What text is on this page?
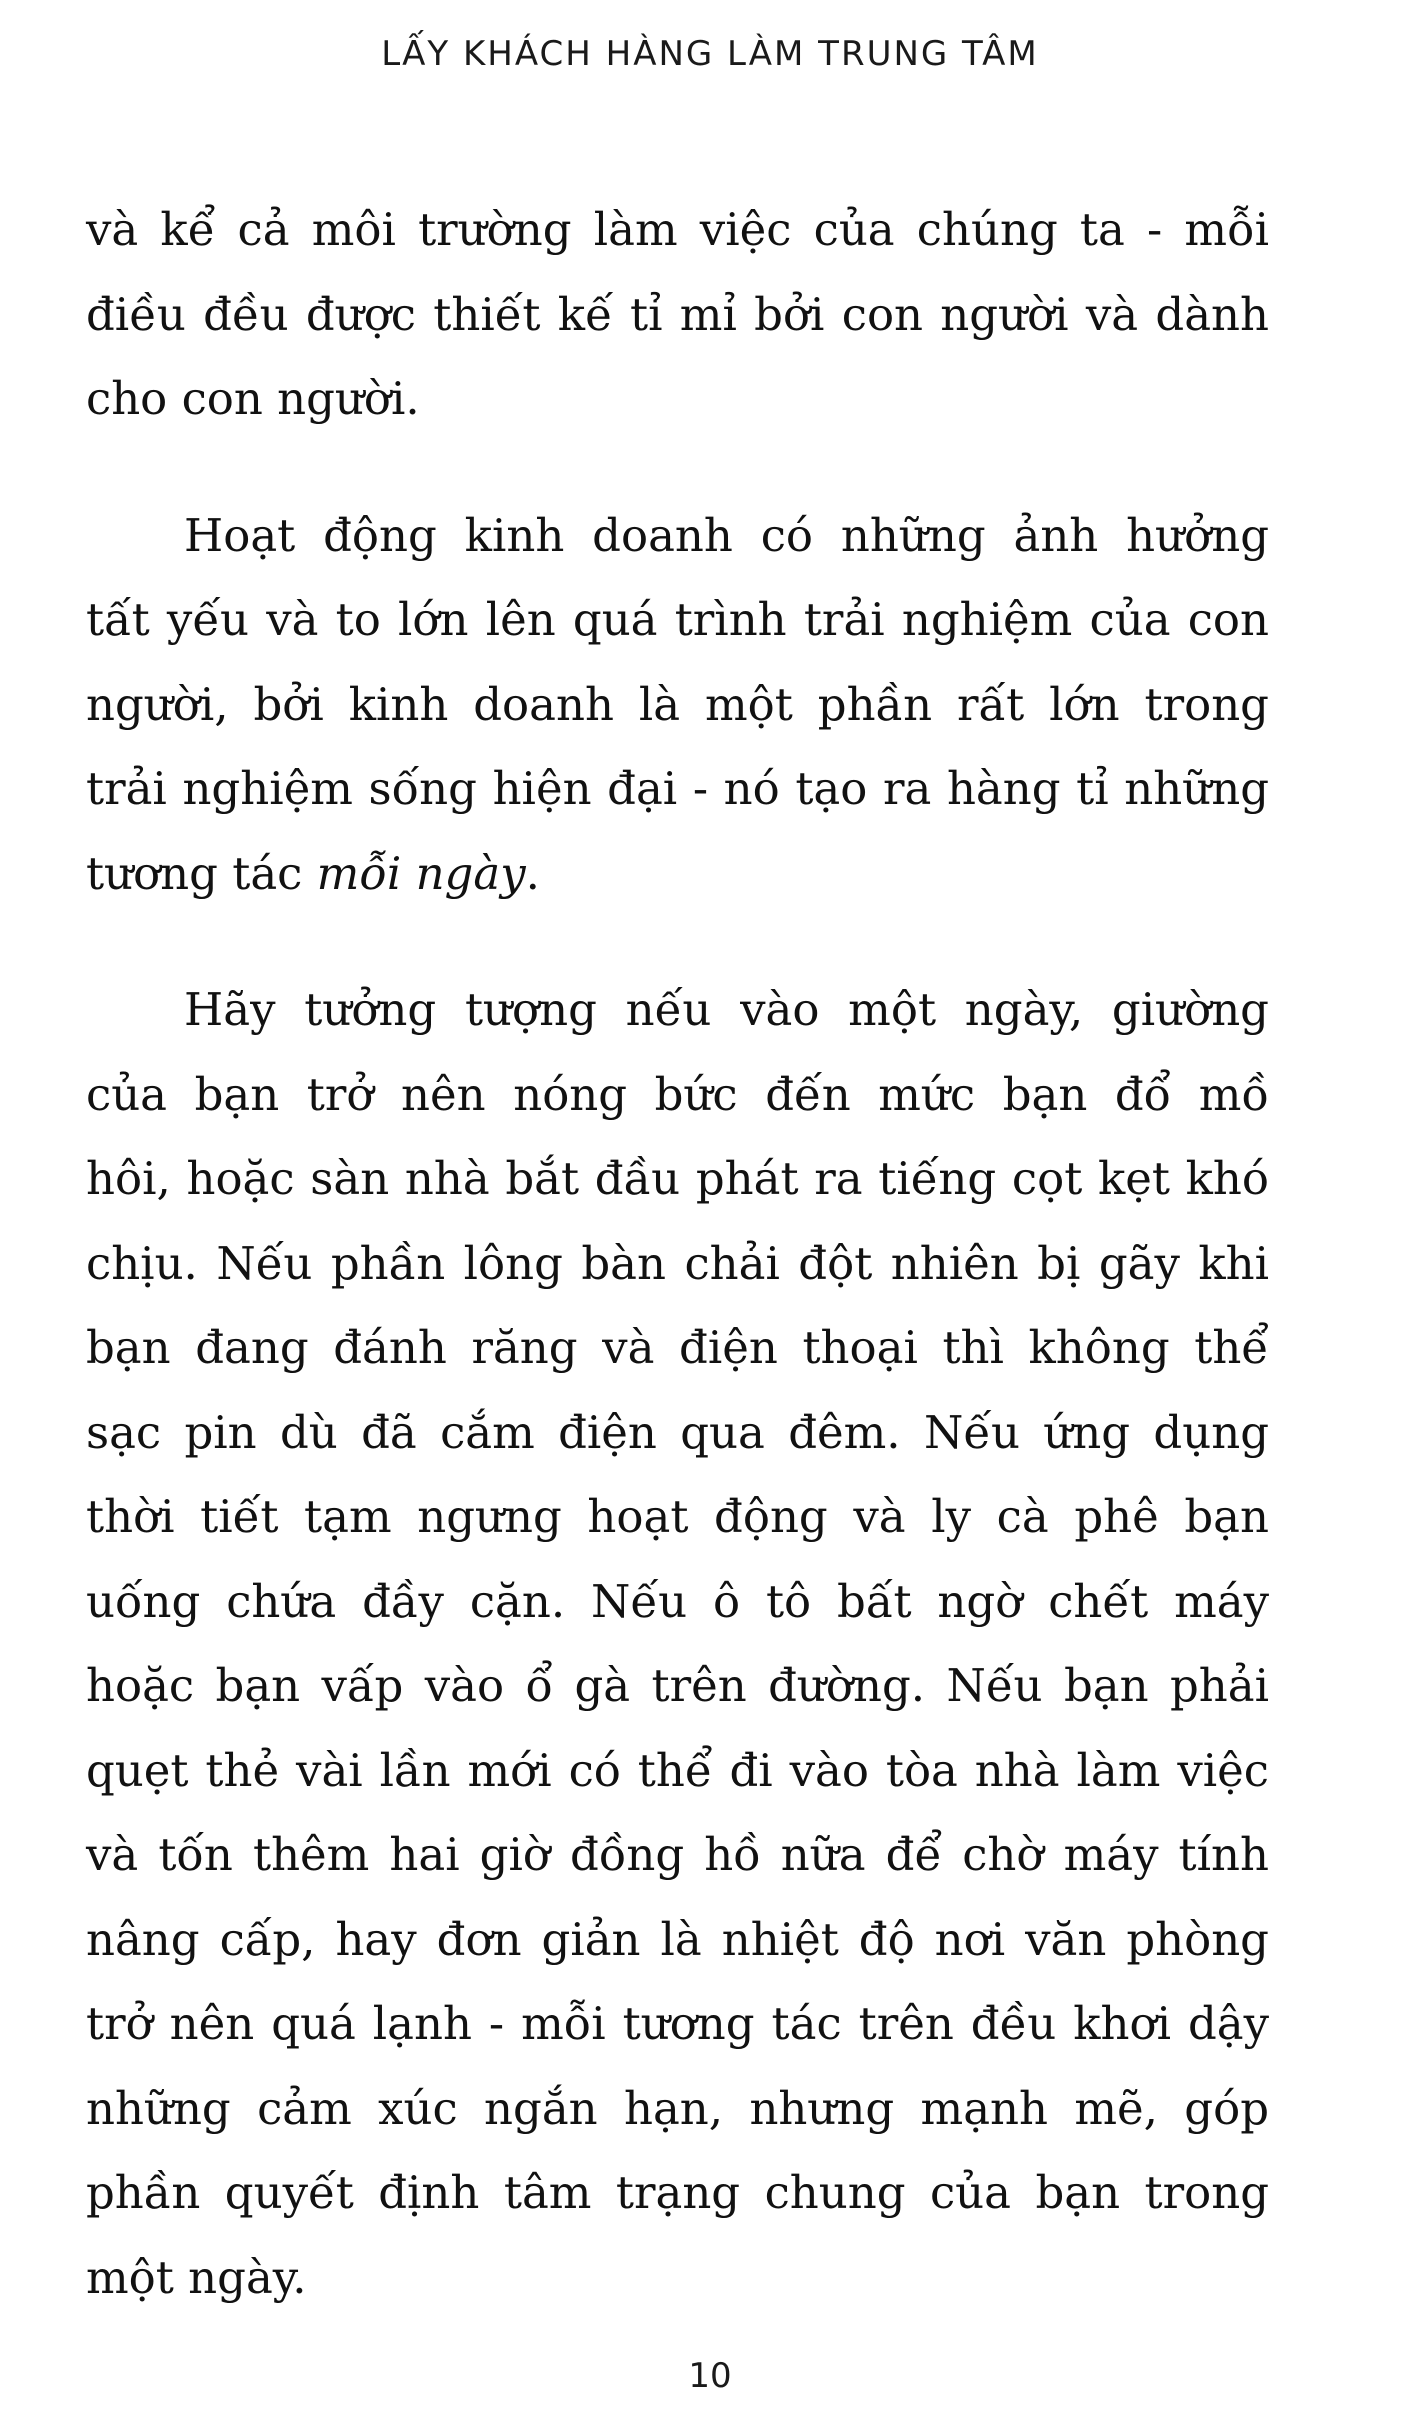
LẤY KHÁCH HÀNG LÀM TRUNG TÂM

và kể cả môi trường làm việc của chúng ta - mỗi
điều đều được thiết kế tỉ mỉ bởi con người và dành
cho con người.

Hoạt động kinh doanh có những ảnh hưởng
tất yếu và to lớn lên quá trình trải nghiệm của con
người, bởi kinh doanh là một phần rất lớn trong
trải nghiệm sống hiện đại - nó tạo ra hàng tỉ những
tương tác mỗi ngày.

Hãy tưởng tượng nếu vào một ngày, giường
của bạn trở nên nóng bức đến mức bạn đổ mồ
hôi, hoặc sàn nhà bắt đầu phát ra tiếng cọt kẹt khó
chịu. Nếu phần lông bàn chải đột nhiên bị gãy khi
bạn đang đánh răng và điện thoại thì không thể
sạc pin dù đã cắm điện qua đêm. Nếu ứng dụng
thời tiết tạm ngưng hoạt động và ly cà phê bạn
uống chứa đầy cặn. Nếu ô tô bất ngờ chết máy
hoặc bạn vấp vào ổ gà trên đường. Nếu bạn phải
quẹt thẻ vài lần mới có thể đi vào tòa nhà làm việc
và tốn thêm hai giờ đồng hồ nữa để chờ máy tính
nâng cấp, hay đơn giản là nhiệt độ nơi văn phòng
trở nên quá lạnh - mỗi tương tác trên đều khơi dậy
những cảm xúc ngắn hạn, nhưng mạnh mẽ, góp
phần quyết định tâm trạng chung của bạn trong
một ngày.

10
